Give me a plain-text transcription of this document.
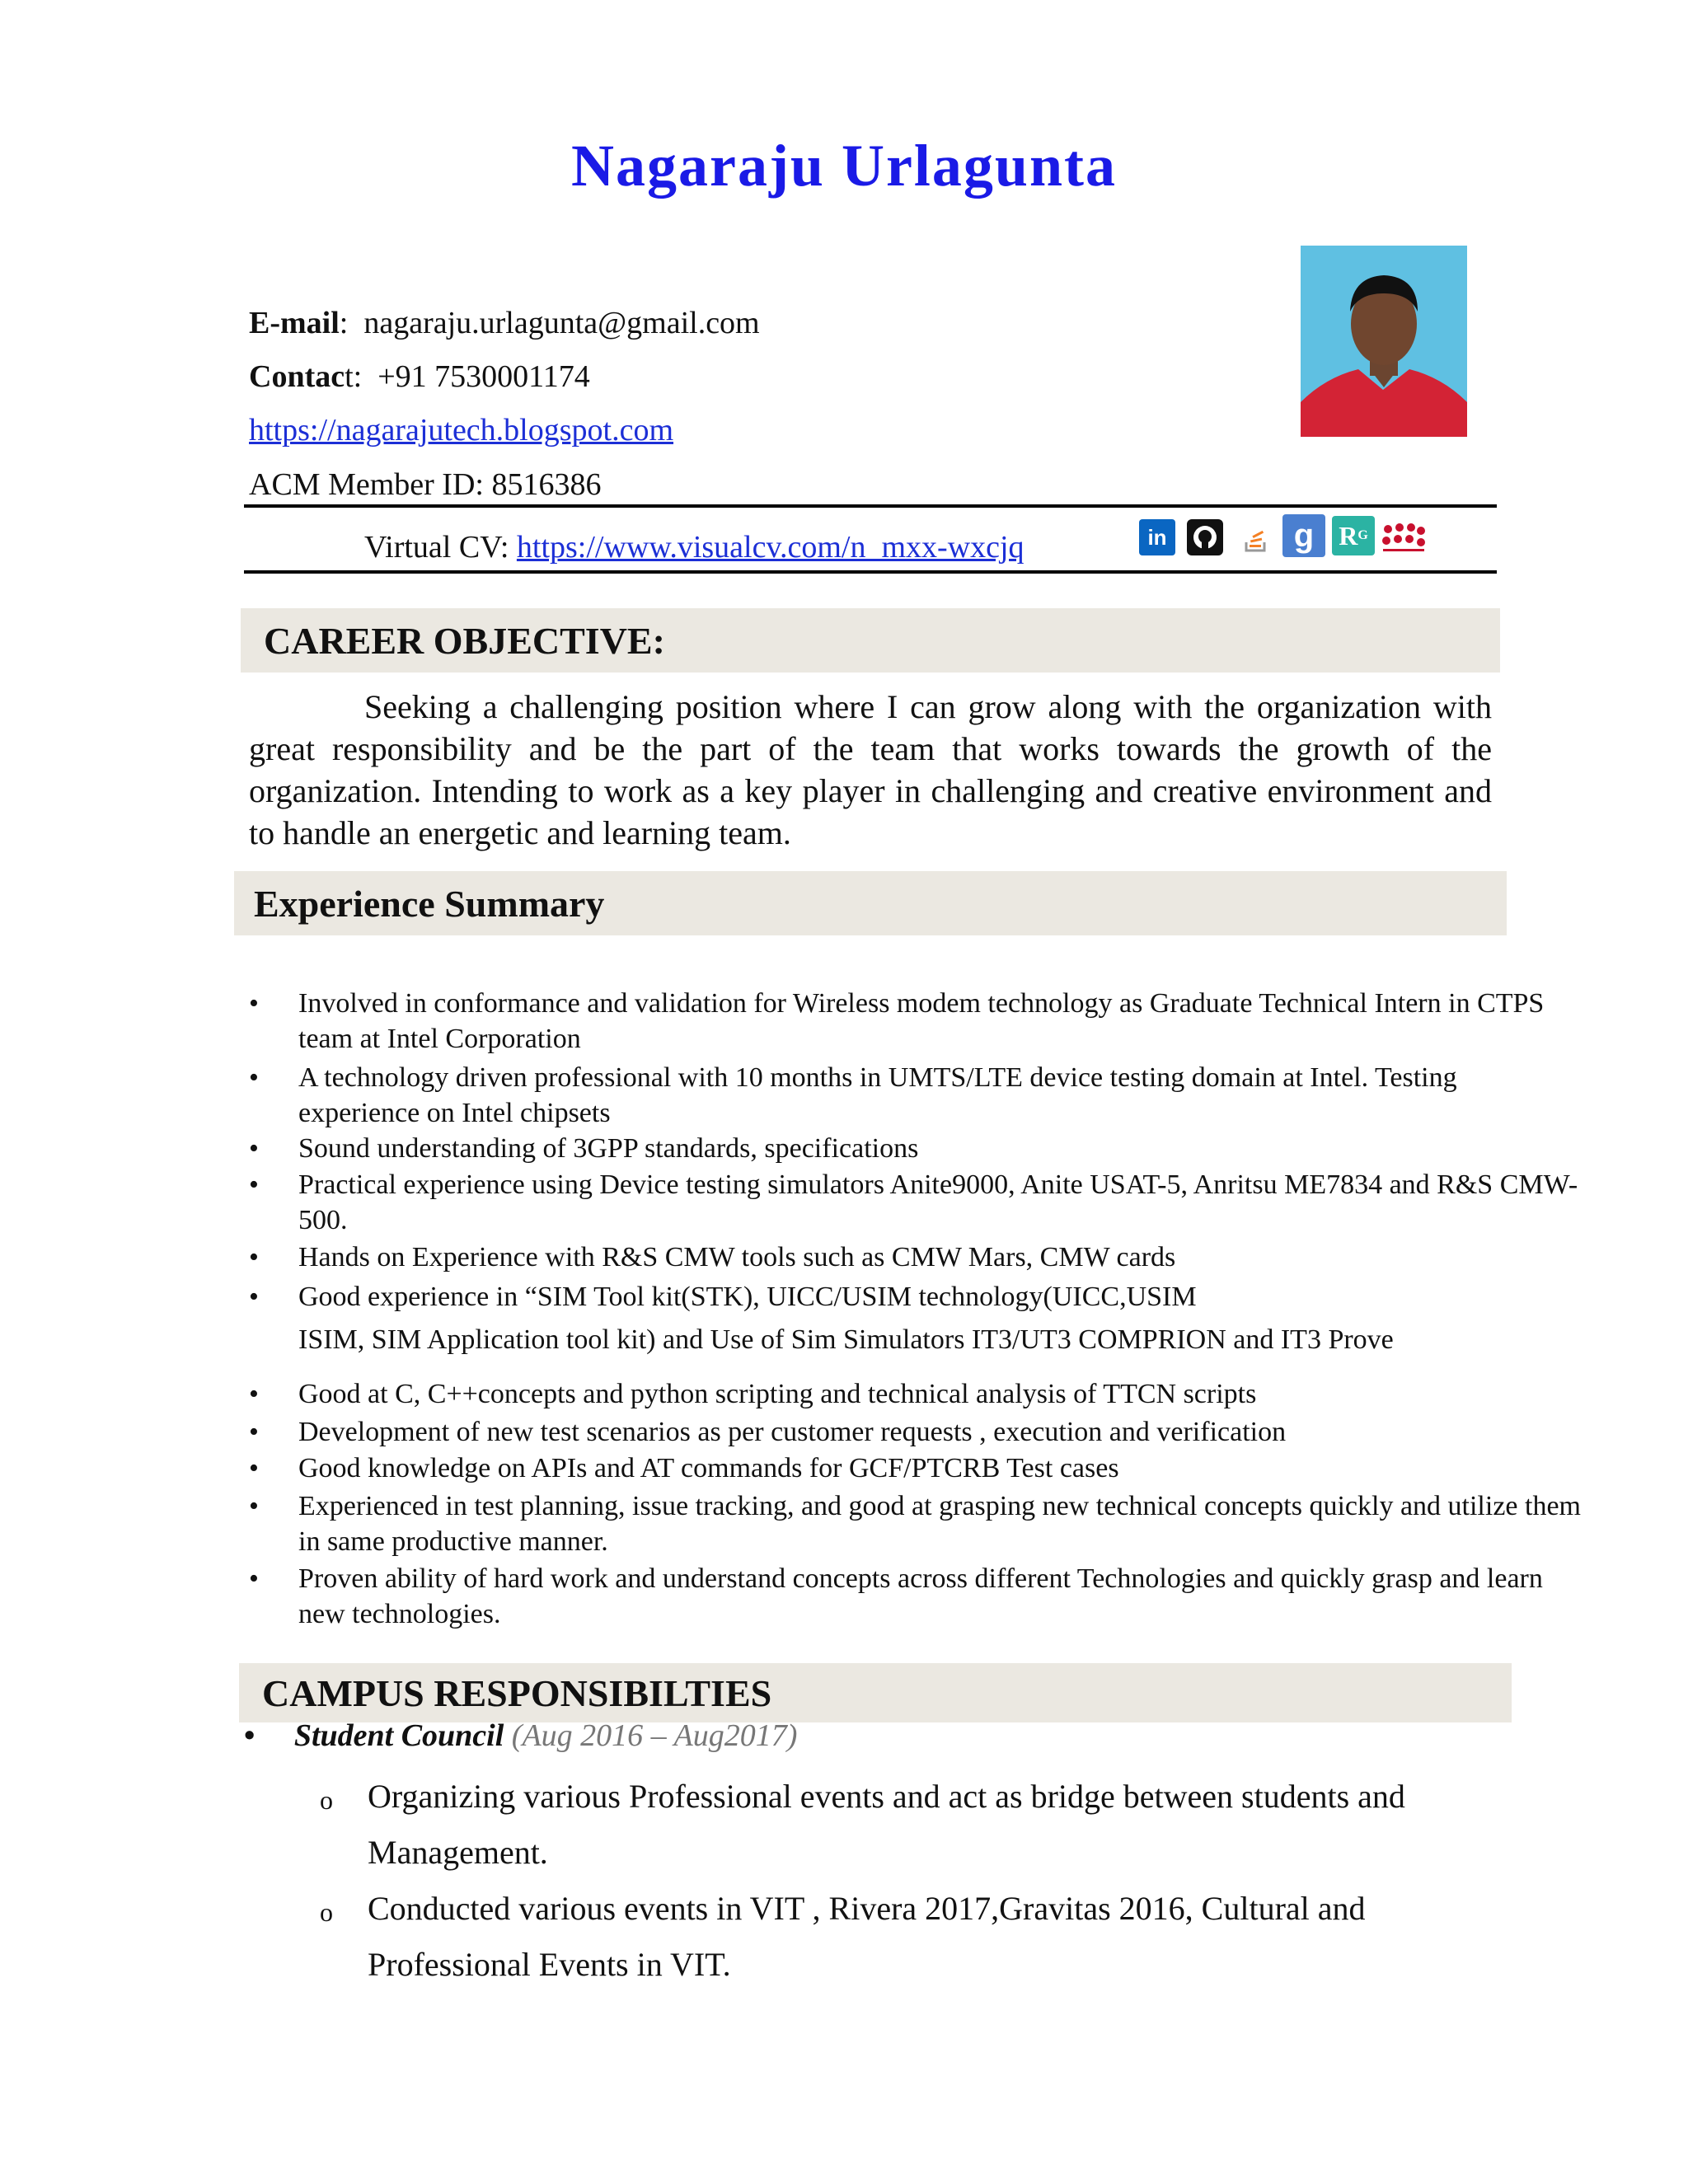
Nagaraju Urlagunta
E-mail:  nagaraju.urlagunta@gmail.com
Contact:  +91 7530001174
https://nagarajutech.blogspot.com
ACM Member ID: 8516386
Virtual CV: https://www.visualcv.com/n_mxx-wxcjq	in	g R G
CAREER OBJECTIVE:

Seeking a challenging position where I can grow along with the organization with great responsibility and be the part of the team that works towards the growth of the organization. Intending to work as a key player in challenging and creative environment and to handle an energetic and learning team.

Experience Summary
•	Involved in conformance and validation for Wireless modem technology as Graduate Technical Intern in CTPS team at Intel Corporation
•	A technology driven professional with 10 months in UMTS/LTE device testing domain at Intel. Testing experience on Intel chipsets
•	Sound understanding of 3GPP standards, specifications
•	Practical experience using Device testing simulators Anite9000, Anite USAT-5, Anritsu ME7834 and R&S CMW-500.
•	Hands on Experience with R&S CMW tools such as CMW Mars, CMW cards
•	Good experience in “SIM Tool kit(STK), UICC/USIM technology(UICC,USIM
ISIM, SIM Application tool kit) and Use of Sim Simulators IT3/UT3 COMPRION and IT3 Prove
•	Good at C, C++concepts and python scripting and technical analysis of TTCN scripts
•	Development of new test scenarios as per customer requests , execution and verification
•	Good knowledge on APIs and AT commands for GCF/PTCRB Test cases
•	Experienced in test planning, issue tracking, and good at grasping new technical concepts quickly and utilize them in same productive manner.
•	Proven ability of hard work and understand concepts across different Technologies and quickly grasp and learn new technologies.
CAMPUS RESPONSIBILTIES
• Student Council (Aug 2016 – Aug2017)
o Organizing various Professional events and act as bridge between students and Management.
o Conducted various events in VIT , Rivera 2017,Gravitas 2016, Cultural and Professional Events in VIT.
